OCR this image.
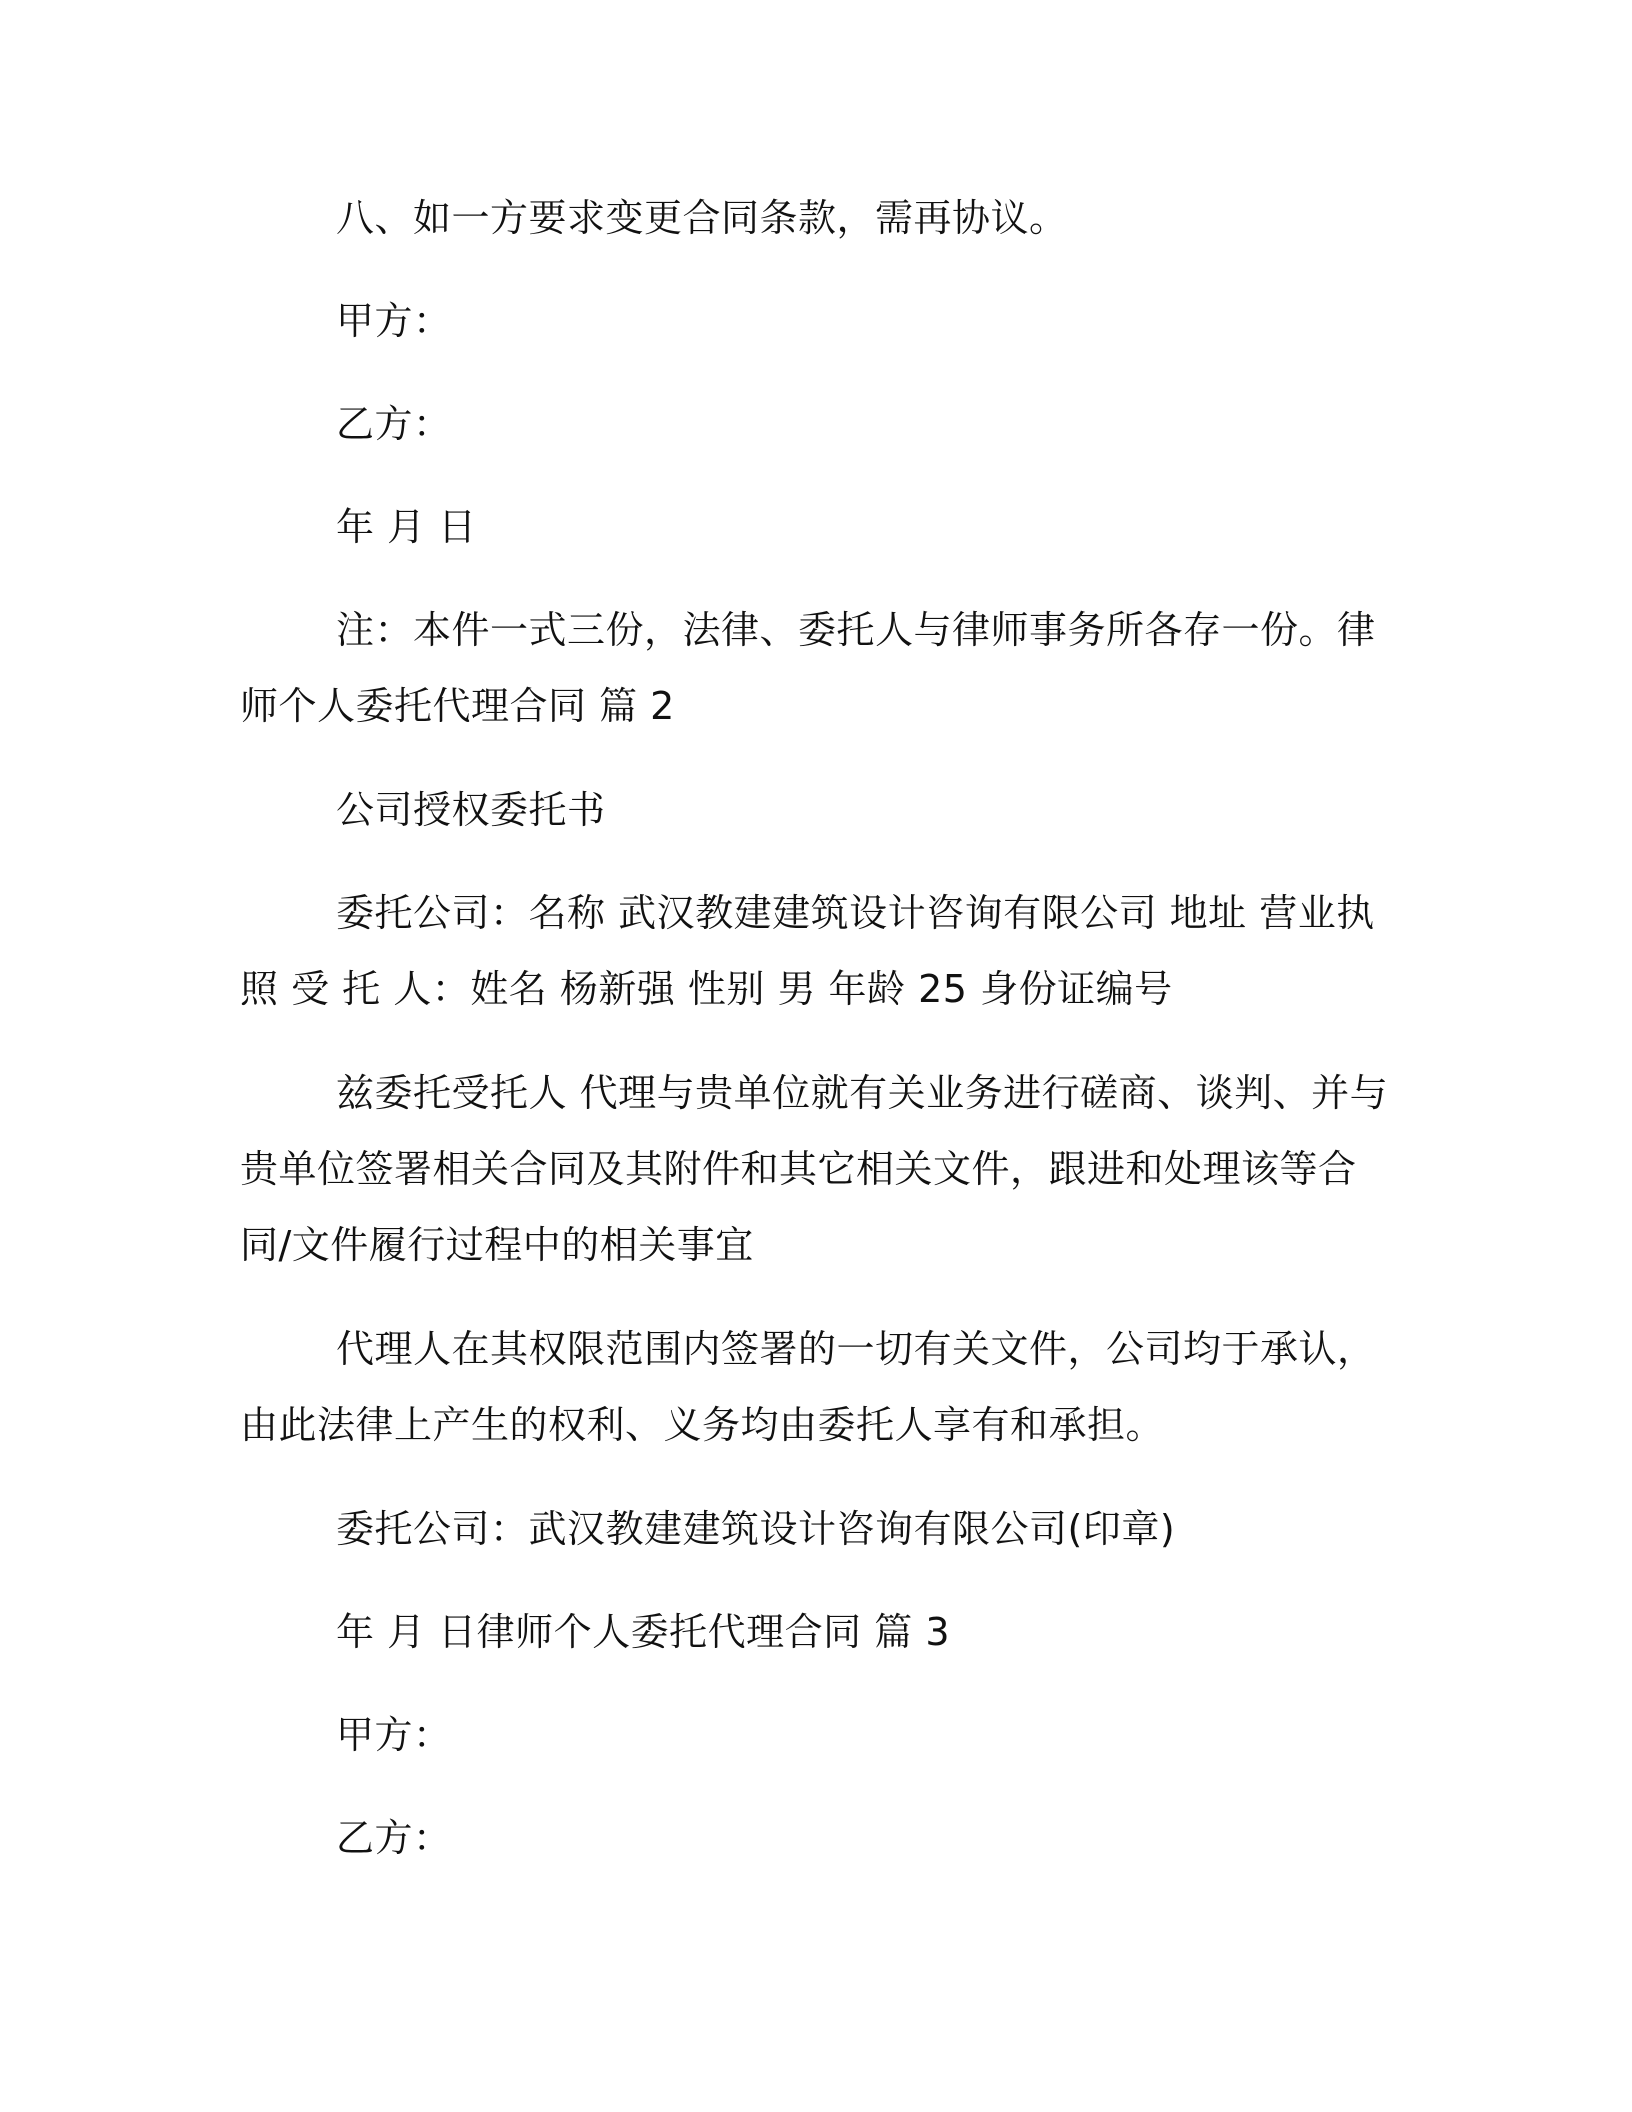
八、如一方要求变更合同条款，需再协议。

甲方：

乙方：

年 月 日

注：本件一式三份，法律、委托人与律师事务所各存一份。律师个人委托代理合同 篇 2

公司授权委托书

委托公司：名称 武汉教建建筑设计咨询有限公司 地址 营业执照 受 托 人：姓名 杨新强 性别 男 年龄 25 身份证编号

兹委托受托人 代理与贵单位就有关业务进行磋商、谈判、并与贵单位签署相关合同及其附件和其它相关文件，跟进和处理该等合同/文件履行过程中的相关事宜

代理人在其权限范围内签署的一切有关文件，公司均于承认，由此法律上产生的权利、义务均由委托人享有和承担。

委托公司：武汉教建建筑设计咨询有限公司(印章)

年 月 日律师个人委托代理合同 篇 3

甲方：

乙方：
